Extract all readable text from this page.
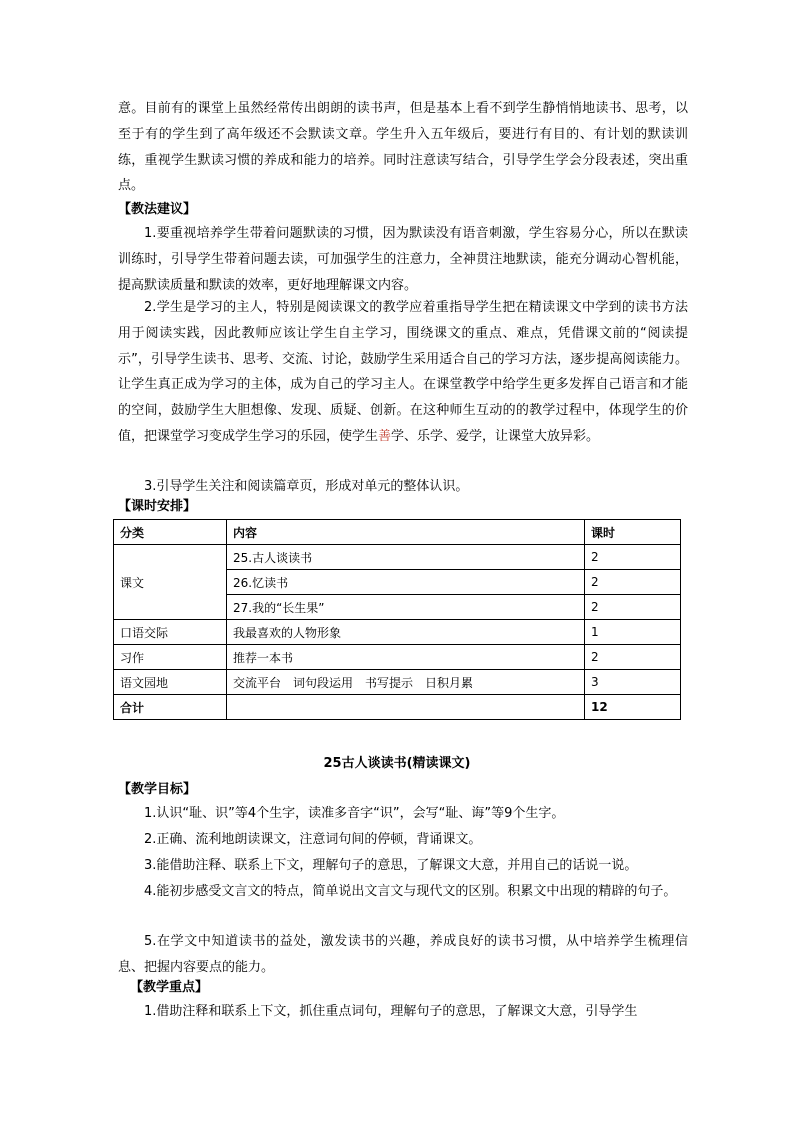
意。目前有的课堂上虽然经常传出朗朗的读书声，但是基本上看不到学生静悄悄地读书、思考，以至于有的学生到了高年级还不会默读文章。学生升入五年级后，要进行有目的、有计划的默读训练，重视学生默读习惯的养成和能力的培养。同时注意读写结合，引导学生学会分段表述，突出重点。

【教法建议】

1.要重视培养学生带着问题默读的习惯，因为默读没有语音刺激，学生容易分心，所以在默读训练时，引导学生带着问题去读，可加强学生的注意力，全神贯注地默读，能充分调动心智机能，提高默读质量和默读的效率，更好地理解课文内容。

2.学生是学习的主人，特别是阅读课文的教学应着重指导学生把在精读课文中学到的读书方法用于阅读实践，因此教师应该让学生自主学习，围绕课文的重点、难点，凭借课文前的“阅读提示”，引导学生读书、思考、交流、讨论，鼓励学生采用适合自己的学习方法，逐步提高阅读能力。让学生真正成为学习的主体，成为自己的学习主人。在课堂教学中给学生更多发挥自己语言和才能的空间，鼓励学生大胆想像、发现、质疑、创新。在这种师生互动的的教学过程中，体现学生的价值，把课堂学习变成学生学习的乐园，使学生善学、乐学、爱学，让课堂大放异彩。

3.引导学生关注和阅读篇章页，形成对单元的整体认识。

【课时安排】

分类	内容	课时
课文	25.古人谈读书	2
	26.忆读书	2
	27.我的“长生果”	2
口语交际	我最喜欢的人物形象	1
习作	推荐一本书	2
语文园地	交流平台　词句段运用　书写提示　日积月累	3
合计		12

25古人谈读书(精读课文)

【教学目标】

1.认识“耻、识”等4个生字，读准多音字“识”，会写“耻、诲”等9个生字。

2.正确、流利地朗读课文，注意词句间的停顿，背诵课文。

3.能借助注释、联系上下文，理解句子的意思，了解课文大意，并用自己的话说一说。

4.能初步感受文言文的特点，简单说出文言文与现代文的区别。积累文中出现的精辟的句子。

5.在学文中知道读书的益处，激发读书的兴趣，养成良好的读书习惯，从中培养学生梳理信息、把握内容要点的能力。

【教学重点】

1.借助注释和联系上下文，抓住重点词句，理解句子的意思，了解课文大意，引导学生
